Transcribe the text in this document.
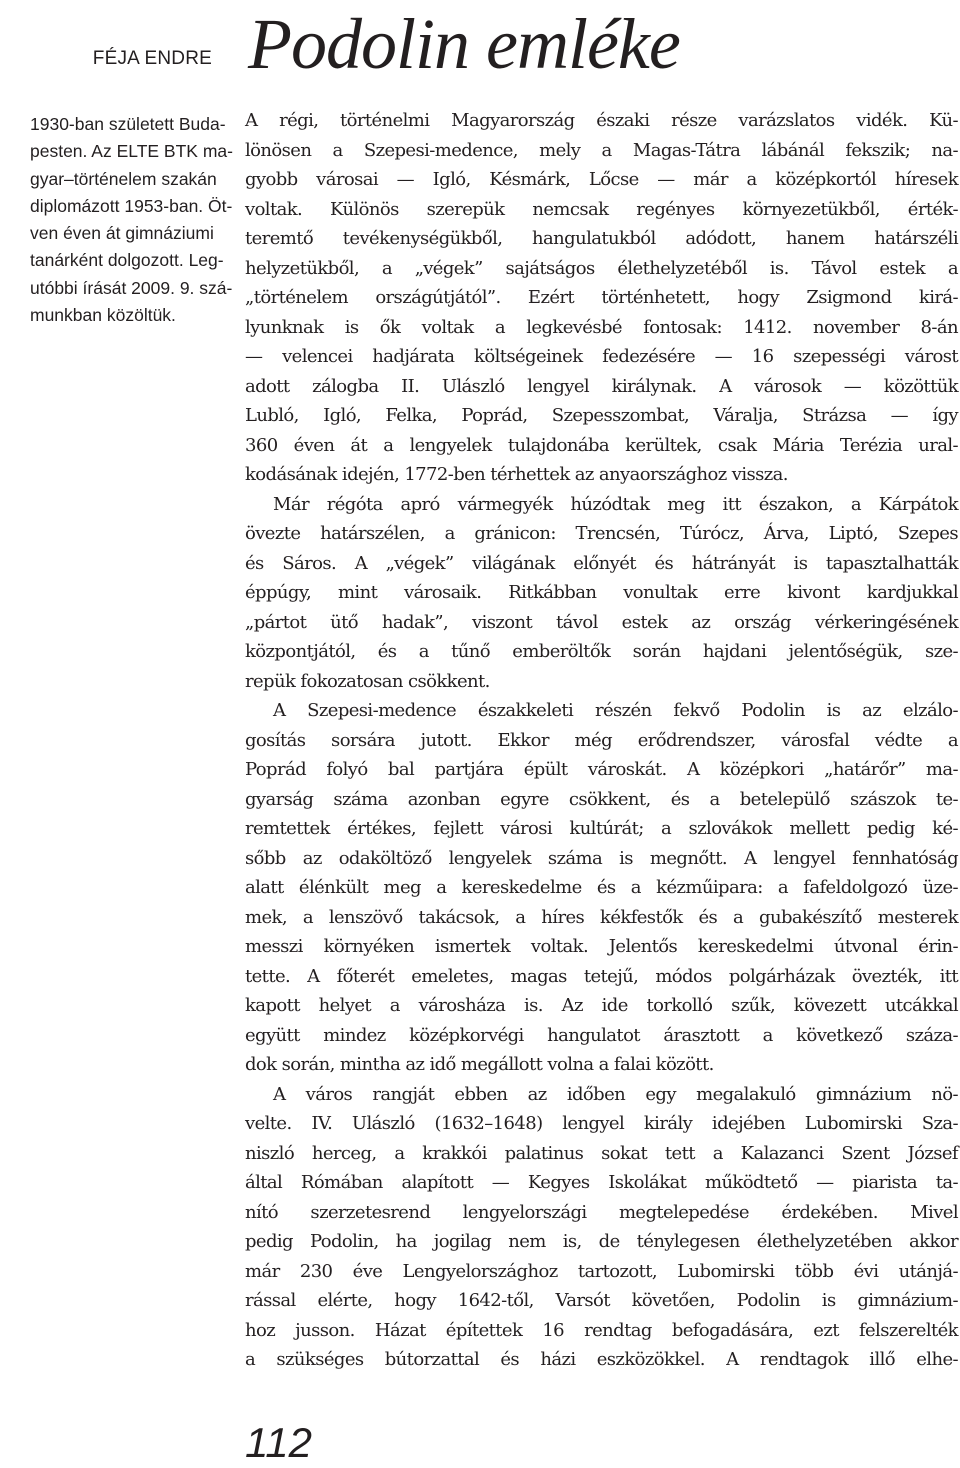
FÉJA ENDRE
1930-ban született Buda-
pesten. Az ELTE BTK ma-
gyar–történelem szakán
diplomázott 1953-ban. Öt-
ven éven át gimnáziumi
tanárként dolgozott. Leg-
utóbbi írását 2009. 9. szá-
munkban közöltük.
Podolin emléke
A régi, történelmi Magyarország északi része varázslatos vidék. Kü-
lönösen a Szepesi-medence, mely a Magas-Tátra lábánál fekszik; na-
gyobb városai — Igló, Késmárk, Lőcse — már a középkortól híresek
voltak. Különös szerepük nemcsak regényes környezetükből, érték-
teremtő tevékenységükből, hangulatukból adódott, hanem határszéli
helyzetükből, a „végek” sajátságos élethelyzetéből is. Távol estek a
„történelem országútjától”. Ezért történhetett, hogy Zsigmond kirá-
lyunknak is ők voltak a legkevésbé fontosak: 1412. november 8-án
— velencei hadjárata költségeinek fedezésére — 16 szepességi várost
adott zálogba II. Ulászló lengyel királynak. A városok — közöttük
Lubló, Igló, Felka, Poprád, Szepesszombat, Váralja, Strázsa — így
360 éven át a lengyelek tulajdonába kerültek, csak Mária Terézia ural-
kodásának idején, 1772-ben térhettek az anyaországhoz vissza.
Már régóta apró vármegyék húzódtak meg itt északon, a Kárpátok
övezte határszélen, a gránicon: Trencsén, Túrócz, Árva, Liptó, Szepes
és Sáros. A „végek” világának előnyét és hátrányát is tapasztalhatták
éppúgy, mint városaik. Ritkábban vonultak erre kivont kardjukkal
„pártot ütő hadak”, viszont távol estek az ország vérkeringésének
központjától, és a tűnő emberöltők során hajdani jelentőségük, sze-
repük fokozatosan csökkent.
A Szepesi-medence északkeleti részén fekvő Podolin is az elzálo-
gosítás sorsára jutott. Ekkor még erődrendszer, városfal védte a
Poprád folyó bal partjára épült városkát. A középkori „határőr” ma-
gyarság száma azonban egyre csökkent, és a betelepülő szászok te-
remtettek értékes, fejlett városi kultúrát; a szlovákok mellett pedig ké-
sőbb az odaköltöző lengyelek száma is megnőtt. A lengyel fennhatóság
alatt élénkült meg a kereskedelme és a kézműipara: a fafeldolgozó üze-
mek, a lenszövő takácsok, a híres kékfestők és a gubakészítő mesterek
messzi környéken ismertek voltak. Jelentős kereskedelmi útvonal érin-
tette. A főterét emeletes, magas tetejű, módos polgárházak övezték, itt
kapott helyet a városháza is. Az ide torkolló szűk, kövezett utcákkal
együtt mindez középkorvégi hangulatot árasztott a következő száza-
dok során, mintha az idő megállott volna a falai között.
A város rangját ebben az időben egy megalakuló gimnázium nö-
velte. IV. Ulászló (1632–1648) lengyel király idejében Lubomirski Sza-
niszló herceg, a krakkói palatinus sokat tett a Kalazanci Szent József
által Rómában alapított — Kegyes Iskolákat működtető — piarista ta-
nító szerzetesrend lengyelországi megtelepedése érdekében. Mivel
pedig Podolin, ha jogilag nem is, de ténylegesen élethelyzetében akkor
már 230 éve Lengyelországhoz tartozott, Lubomirski több évi utánjá-
rással elérte, hogy 1642-től, Varsót követően, Podolin is gimnázium-
hoz jusson. Házat építettek 16 rendtag befogadására, ezt felszerelték
a szükséges bútorzattal és házi eszközökkel. A rendtagok illő elhe-
112
